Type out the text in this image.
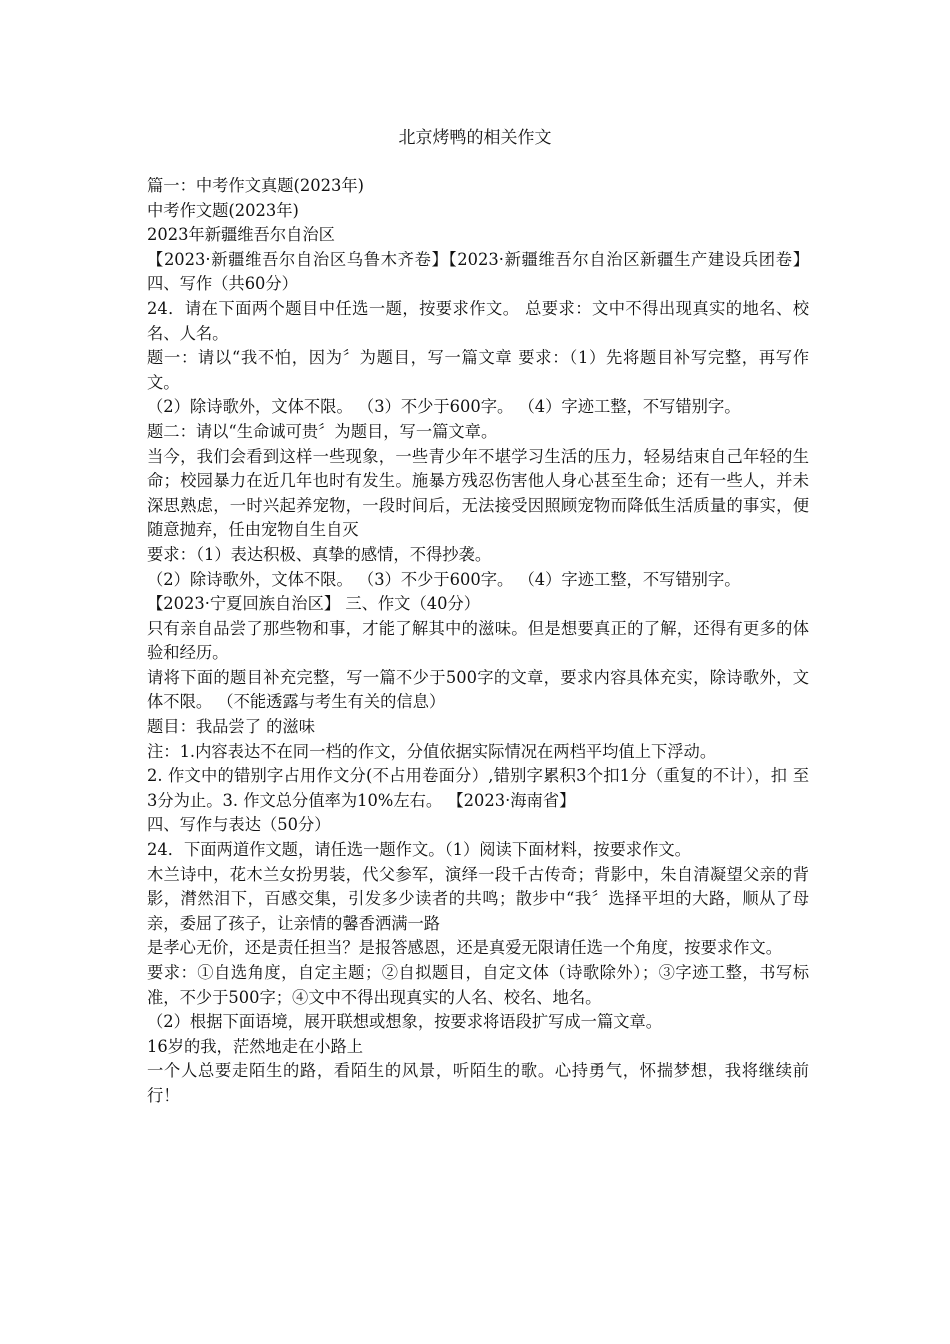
北京烤鸭的相关作文

篇一：中考作文真题(2023年)

中考作文题(2023年)

2023年新疆维吾尔自治区

【2023·新疆维吾尔自治区乌鲁木齐卷】【2023·新疆维吾尔自治区新疆生产建设兵团卷】四、写作（共60分）

24．请在下面两个题目中任选一题，按要求作文。 总要求：文中不得出现真实的地名、校名、人名。

题一：请以“我不怕，因为〞为题目，写一篇文章 要求：（1）先将题目补写完整，再写作文。

（2）除诗歌外，文体不限。 （3）不少于600字。 （4）字迹工整，不写错别字。

题二：请以“生命诚可贵〞为题目，写一篇文章。

当今，我们会看到这样一些现象，一些青少年不堪学习生活的压力，轻易结束自己年轻的生命；校园暴力在近几年也时有发生。施暴方残忍伤害他人身心甚至生命；还有一些人，并未深思熟虑，一时兴起养宠物，一段时间后，无法接受因照顾宠物而降低生活质量的事实，便随意抛弃，任由宠物自生自灭

要求：（1）表达积极、真挚的感情，不得抄袭。

（2）除诗歌外，文体不限。 （3）不少于600字。 （4）字迹工整，不写错别字。

【2023·宁夏回族自治区】 三、作文（40分）

只有亲自品尝了那些物和事，才能了解其中的滋味。但是想要真正的了解，还得有更多的体验和经历。

请将下面的题目补充完整，写一篇不少于500字的文章，要求内容具体充实，除诗歌外，文体不限。 （不能透露与考生有关的信息）

题目：我品尝了 的滋味

注：1.内容表达不在同一档的作文，分值依据实际情况在两档平均值上下浮动。

2. 作文中的错别字占用作文分(不占用卷面分）,错别字累积3个扣1分（重复的不计），扣 至3分为止。3. 作文总分值率为10%左右。 【2023·海南省】

四、写作与表达（50分）

24．下面两道作文题，请任选一题作文。（1）阅读下面材料，按要求作文。

木兰诗中，花木兰女扮男装，代父参军，演绎一段千古传奇；背影中，朱自清凝望父亲的背影，潸然泪下，百感交集，引发多少读者的共鸣；散步中“我〞选择平坦的大路，顺从了母亲，委屈了孩子，让亲情的馨香洒满一路

是孝心无价，还是责任担当？是报答感恩，还是真爱无限请任选一个角度，按要求作文。

要求：①自选角度，自定主题；②自拟题目，自定文体（诗歌除外）；③字迹工整，书写标准，不少于500字；④文中不得出现真实的人名、校名、地名。

（2）根据下面语境，展开联想或想象，按要求将语段扩写成一篇文章。

16岁的我，茫然地走在小路上

一个人总要走陌生的路，看陌生的风景，听陌生的歌。心持勇气，怀揣梦想，我将继续前行！
